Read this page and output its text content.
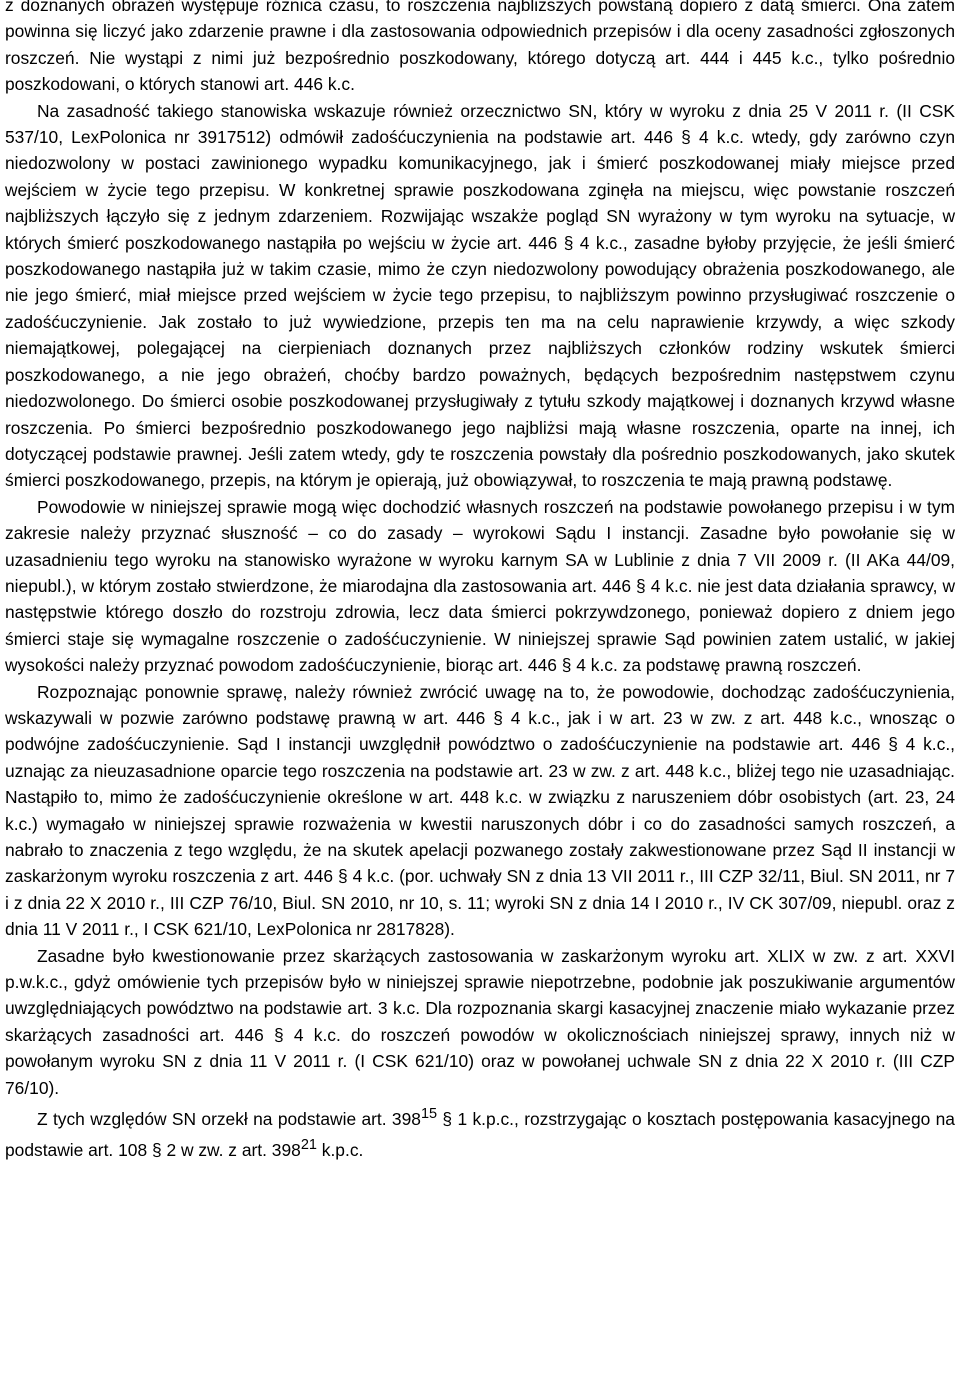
z doznanych obrażeń występuje różnica czasu, to roszczenia najbliższych powstaną dopiero z datą śmierci. Ona zatem powinna się liczyć jako zdarzenie prawne i dla zastosowania odpowiednich przepisów i dla oceny zasadności zgłoszonych roszczeń. Nie wystąpi z nimi już bezpośrednio poszkodowany, którego dotyczą art. 444 i 445 k.c., tylko pośrednio poszkodowani, o których stanowi art. 446 k.c.

Na zasadność takiego stanowiska wskazuje również orzecznictwo SN, który w wyroku z dnia 25 V 2011 r. (II CSK 537/10, LexPolonica nr 3917512) odmówił zadośćuczynienia na podstawie art. 446 § 4 k.c. wtedy, gdy zarówno czyn niedozwolony w postaci zawinionego wypadku komunikacyjnego, jak i śmierć poszkodowanej miały miejsce przed wejściem w życie tego przepisu. W konkretnej sprawie poszkodowana zginęła na miejscu, więc powstanie roszczeń najbliższych łączyło się z jednym zdarzeniem. Rozwijając wszakże pogląd SN wyrażony w tym wyroku na sytuacje, w których śmierć poszkodowanego nastąpiła po wejściu w życie art. 446 § 4 k.c., zasadne byłoby przyjęcie, że jeśli śmierć poszkodowanego nastąpiła już w takim czasie, mimo że czyn niedozwolony powodujący obrażenia poszkodowanego, ale nie jego śmierć, miał miejsce przed wejściem w życie tego przepisu, to najbliższym powinno przysługiwać roszczenie o zadośćuczynienie. Jak zostało to już wywiedzione, przepis ten ma na celu naprawienie krzywdy, a więc szkody niemajątkowej, polegającej na cierpieniach doznanych przez najbliższych członków rodziny wskutek śmierci poszkodowanego, a nie jego obrażeń, choćby bardzo poważnych, będących bezpośrednim następstwem czynu niedozwolonego. Do śmierci osobie poszkodowanej przysługiwały z tytułu szkody majątkowej i doznanych krzywd własne roszczenia. Po śmierci bezpośrednio poszkodowanego jego najbliżsi mają własne roszczenia, oparte na innej, ich dotyczącej podstawie prawnej. Jeśli zatem wtedy, gdy te roszczenia powstały dla pośrednio poszkodowanych, jako skutek śmierci poszkodowanego, przepis, na którym je opierają, już obowiązywał, to roszczenia te mają prawną podstawę.

Powodowie w niniejszej sprawie mogą więc dochodzić własnych roszczeń na podstawie powołanego przepisu i w tym zakresie należy przyznać słuszność – co do zasady – wyrokowi Sądu I instancji. Zasadne było powołanie się w uzasadnieniu tego wyroku na stanowisko wyrażone w wyroku karnym SA w Lublinie z dnia 7 VII 2009 r. (II AKa 44/09, niepubl.), w którym zostało stwierdzone, że miarodajna dla zastosowania art. 446 § 4 k.c. nie jest data działania sprawcy, w następstwie którego doszło do rozstroju zdrowia, lecz data śmierci pokrzywdzonego, ponieważ dopiero z dniem jego śmierci staje się wymagalne roszczenie o zadośćuczynienie. W niniejszej sprawie Sąd powinien zatem ustalić, w jakiej wysokości należy przyznać powodom zadośćuczynienie, biorąc art. 446 § 4 k.c. za podstawę prawną roszczeń.

Rozpoznając ponownie sprawę, należy również zwrócić uwagę na to, że powodowie, dochodząc zadośćuczynienia, wskazywali w pozwie zarówno podstawę prawną w art. 446 § 4 k.c., jak i w art. 23 w zw. z art. 448 k.c., wnosząc o podwójne zadośćuczynienie. Sąd I instancji uwzględnił powództwo o zadośćuczynienie na podstawie art. 446 § 4 k.c., uznając za nieuzasadnione oparcie tego roszczenia na podstawie art. 23 w zw. z art. 448 k.c., bliżej tego nie uzasadniając. Nastąpiło to, mimo że zadośćuczynienie określone w art. 448 k.c. w związku z naruszeniem dóbr osobistych (art. 23, 24 k.c.) wymagało w niniejszej sprawie rozważenia w kwestii naruszonych dóbr i co do zasadności samych roszczeń, a nabrało to znaczenia z tego względu, że na skutek apelacji pozwanego zostały zakwestionowane przez Sąd II instancji w zaskarżonym wyroku roszczenia z art. 446 § 4 k.c. (por. uchwały SN z dnia 13 VII 2011 r., III CZP 32/11, Biul. SN 2011, nr 7 i z dnia 22 X 2010 r., III CZP 76/10, Biul. SN 2010, nr 10, s. 11; wyroki SN z dnia 14 I 2010 r., IV CK 307/09, niepubl. oraz z dnia 11 V 2011 r., I CSK 621/10, LexPolonica nr 2817828).

Zasadne było kwestionowanie przez skarżących zastosowania w zaskarżonym wyroku art. XLIX w zw. z art. XXVI p.w.k.c., gdyż omówienie tych przepisów było w niniejszej sprawie niepotrzebne, podobnie jak poszukiwanie argumentów uwzględniających powództwo na podstawie art. 3 k.c. Dla rozpoznania skargi kasacyjnej znaczenie miało wykazanie przez skarżących zasadności art. 446 § 4 k.c. do roszczeń powodów w okolicznościach niniejszej sprawy, innych niż w powołanym wyroku SN z dnia 11 V 2011 r. (I CSK 621/10) oraz w powołanej uchwale SN z dnia 22 X 2010 r. (III CZP 76/10).

Z tych względów SN orzekł na podstawie art. $398^{15}$ § 1 k.p.c., rozstrzygając o kosztach postępowania kasacyjnego na podstawie art. 108 § 2 w zw. z art. $398^{21}$ k.p.c.
